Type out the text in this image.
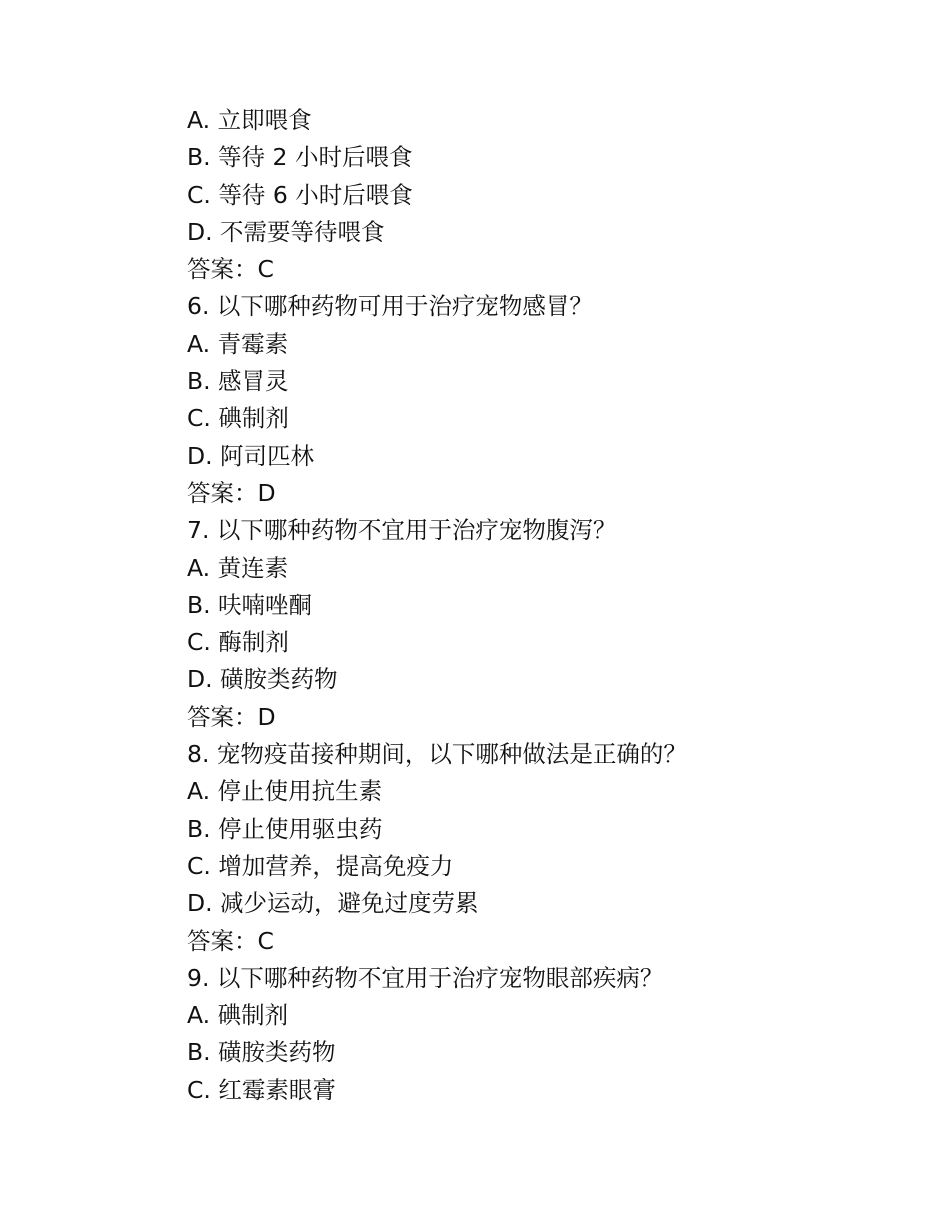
A. 立即喂食

B. 等待 2 小时后喂食

C. 等待 6 小时后喂食

D. 不需要等待喂食

答案：C

6. 以下哪种药物可用于治疗宠物感冒？

A. 青霉素

B. 感冒灵

C. 碘制剂

D. 阿司匹林

答案：D

7. 以下哪种药物不宜用于治疗宠物腹泻？

A. 黄连素

B. 呋喃唑酮

C. 酶制剂

D. 磺胺类药物

答案：D

8. 宠物疫苗接种期间，以下哪种做法是正确的？

A. 停止使用抗生素

B. 停止使用驱虫药

C. 增加营养，提高免疫力

D. 减少运动，避免过度劳累

答案：C

9. 以下哪种药物不宜用于治疗宠物眼部疾病？

A. 碘制剂

B. 磺胺类药物

C. 红霉素眼膏
